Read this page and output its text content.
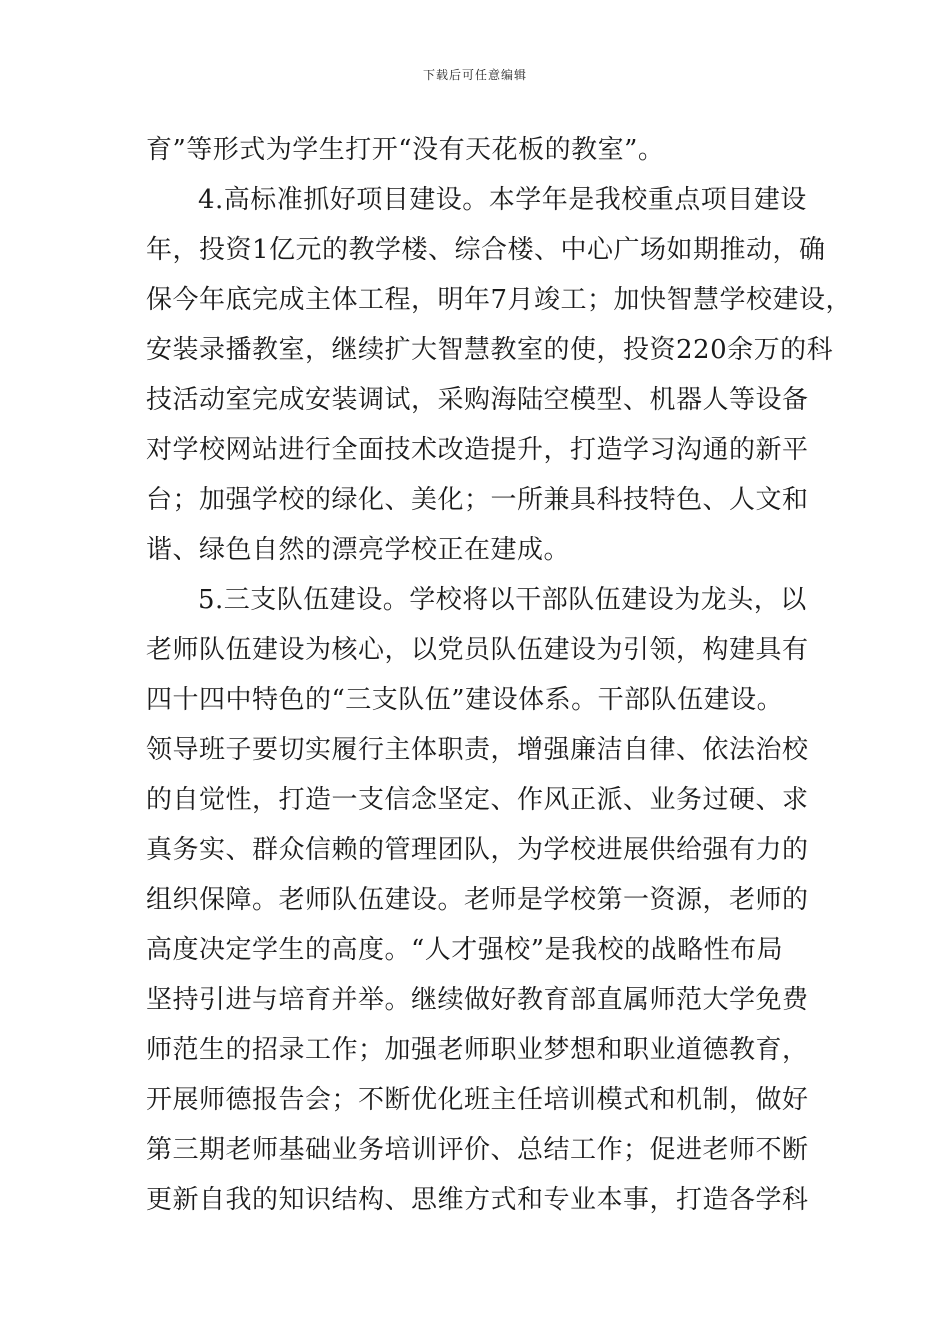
下载后可任意编辑
育”等形式为学生打开“没有天花板的教室”。
4.高标准抓好项目建设。本学年是我校重点项目建设
年，投资1亿元的教学楼、综合楼、中心广场如期推动，确
保今年底完成主体工程，明年7月竣工；加快智慧学校建设，
安装录播教室，继续扩大智慧教室的使，投资220余万的科
技活动室完成安装调试，采购海陆空模型、机器人等设备
对学校网站进行全面技术改造提升，打造学习沟通的新平
台；加强学校的绿化、美化；一所兼具科技特色、人文和
谐、绿色自然的漂亮学校正在建成。
5.三支队伍建设。学校将以干部队伍建设为龙头，以
老师队伍建设为核心，以党员队伍建设为引领，构建具有
四十四中特色的“三支队伍”建设体系。干部队伍建设。
领导班子要切实履行主体职责，增强廉洁自律、依法治校
的自觉性，打造一支信念坚定、作风正派、业务过硬、求
真务实、群众信赖的管理团队，为学校进展供给强有力的
组织保障。老师队伍建设。老师是学校第一资源，老师的
高度决定学生的高度。“人才强校”是我校的战略性布局
坚持引进与培育并举。继续做好教育部直属师范大学免费
师范生的招录工作；加强老师职业梦想和职业道德教育，
开展师德报告会；不断优化班主任培训模式和机制，做好
第三期老师基础业务培训评价、总结工作；促进老师不断
更新自我的知识结构、思维方式和专业本事，打造各学科
